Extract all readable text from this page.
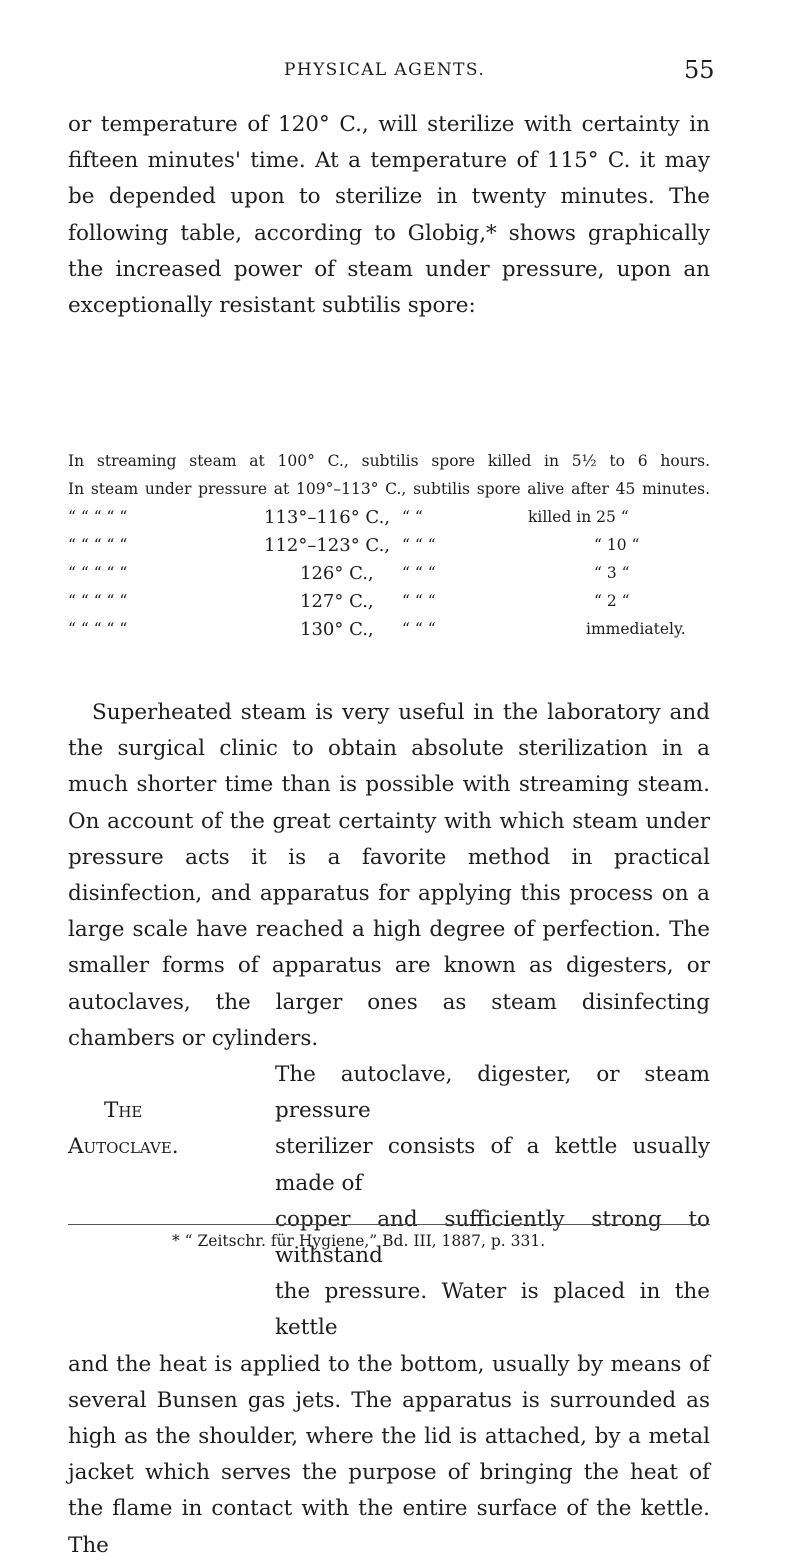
PHYSICAL AGENTS.	55
or temperature of 120° C., will sterilize with certainty in fifteen minutes' time. At a temperature of 115° C. it may be depended upon to sterilize in twenty minutes. The following table, according to Globig,* shows graphically the increased power of steam under pressure, upon an exceptionally resistant subtilis spore:
In streaming steam at 100° C., subtilis spore killed in 5½ to 6 hours.
In steam under pressure at 109°–113° C., subtilis spore alive after 45 minutes.
“ “ “ “ “	113°–116° C., “ “	killed in 25 “
“ “ “ “ “	112°–123° C., “ “ “	“ 10 “
“ “ “ “ “	126° C., “ “ “	“ 3 “
“ “ “ “ “	127° C., “ “ “	“ 2 “
“ “ “ “ “	130° C., “ “ “	immediately.
Superheated steam is very useful in the laboratory and the surgical clinic to obtain absolute sterilization in a much shorter time than is possible with streaming steam. On account of the great certainty with which steam under pressure acts it is a favorite method in practical disinfection, and apparatus for applying this process on a large scale have reached a high degree of perfection. The smaller forms of apparatus are known as digesters, or autoclaves, the larger ones as steam disinfecting chambers or cylinders.
The
Autoclave.
The autoclave, digester, or steam pressure
sterilizer consists of a kettle usually made of
copper and sufficiently strong to withstand
the pressure. Water is placed in the kettle
and the heat is applied to the bottom, usually by means of several Bunsen gas jets. The apparatus is surrounded as high as the shoulder, where the lid is attached, by a metal jacket which serves the purpose of bringing the heat of the flame in contact with the entire surface of the kettle. The
* “ Zeitschr. für Hygiene,” Bd. III, 1887, p. 331.
